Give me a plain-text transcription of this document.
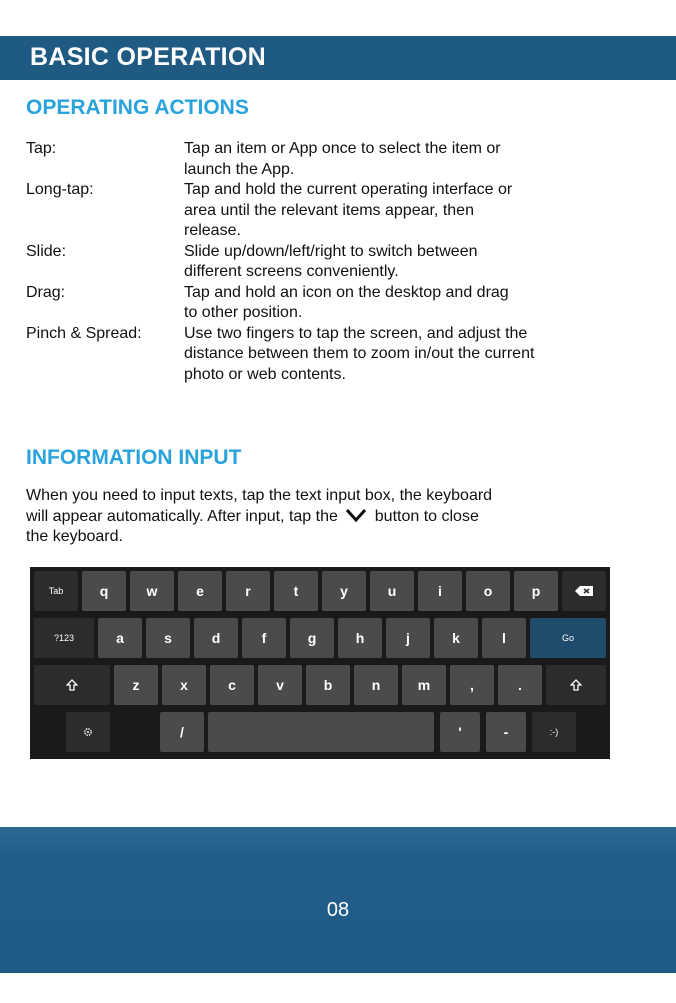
BASIC OPERATION
OPERATING ACTIONS
Tap:	Tap an item or App once to select the item or
launch the App.
Long-tap:	Tap and hold the current operating interface or
area until the relevant items appear, then
release.
Slide:	Slide up/down/left/right to switch between
different screens conveniently.
Drag:	Tap and hold an icon on the desktop and drag
to other position.
Pinch & Spread:	Use two fingers to tap the screen, and adjust the
distance between them to zoom in/out the current
photo or web contents.
INFORMATION INPUT
When you need to input texts, tap the text input box, the keyboard
will appear automatically. After input, tap the button to close
the keyboard.
Tab	q	w	e	r	t	y	u	i	o	p
?123	a	s	d	f	g	h	j	k	l	Go
z	x	c	v	b	n	m	,	.
/	'	-	:-)
08
